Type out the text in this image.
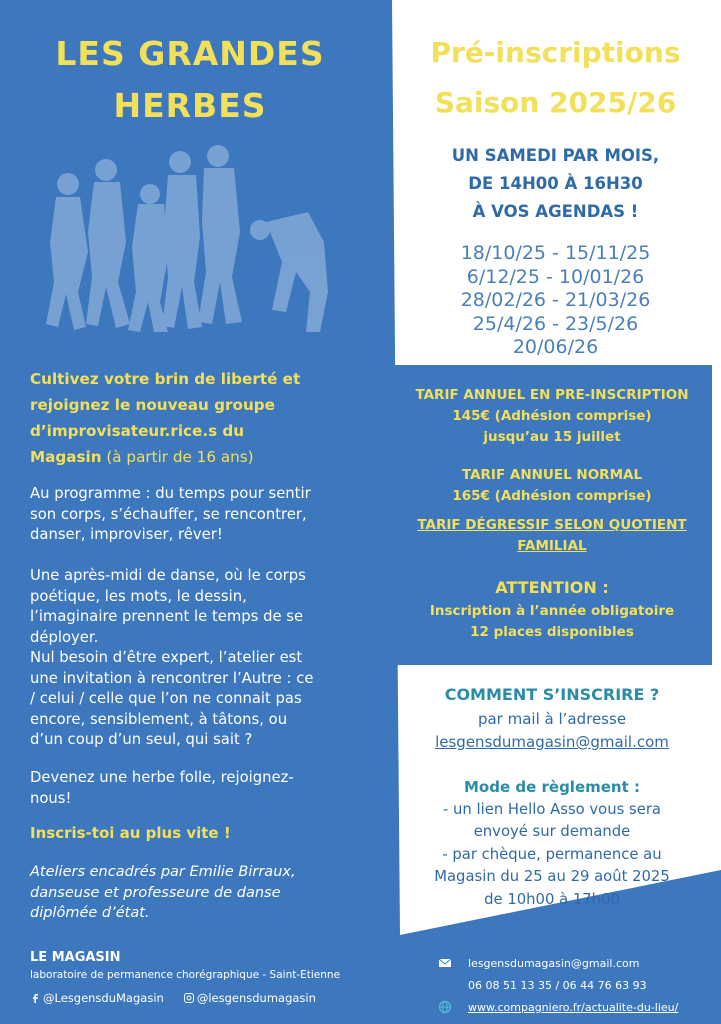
LES GRANDES
HERBES
Cultivez votre brin de liberté et
rejoignez le nouveau groupe
d’improvisateur.rice.s du
Magasin (à partir de 16 ans)
Au programme : du temps pour sentir
son corps, s’échauffer, se rencontrer,
danser, improviser, rêver!
Une après-midi de danse, où le corps
poétique, les mots, le dessin,
l’imaginaire prennent le temps de se
déployer.
Nul besoin d’être expert, l’atelier est
une invitation à rencontrer l’Autre : ce
/ celui / celle que l’on ne connait pas
encore, sensiblement, à tâtons, ou
d’un coup d’un seul, qui sait ?
Devenez une herbe folle, rejoignez-
nous!
Inscris-toi au plus vite !
Ateliers encadrés par Emilie Birraux,
danseuse et professeure de danse
diplômée d’état.
Pré-inscriptions
Saison 2025/26
UN SAMEDI PAR MOIS,
DE 14H00 À 16H30
À VOS AGENDAS !
18/10/25 - 15/11/25
6/12/25 - 10/01/26
28/02/26 - 21/03/26
25/4/26 - 23/5/26
20/06/26
TARIF ANNUEL EN PRE-INSCRIPTION
145€ (Adhésion comprise)
jusqu’au 15 juillet
TARIF ANNUEL NORMAL
165€ (Adhésion comprise)
TARIF DÉGRESSIF SELON QUOTIENT
FAMILIAL
ATTENTION :
Inscription à l’année obligatoire
12 places disponibles
COMMENT S’INSCRIRE ?
par mail à l’adresse
lesgensdumagasin@gmail.com
Mode de règlement :
- un lien Hello Asso vous sera
envoyé sur demande
- par chèque, permanence au
Magasin du 25 au 29 août 2025
de 10h00 à 17h00
LE MAGASIN
laboratoire de permanence chorégraphique - Saint-Etienne
@LesgensduMagasin	@lesgensdumagasin
lesgensdumagasin@gmail.com
06 08 51 13 35 / 06 44 76 63 93
www.compagniero.fr/actualite-du-lieu/
